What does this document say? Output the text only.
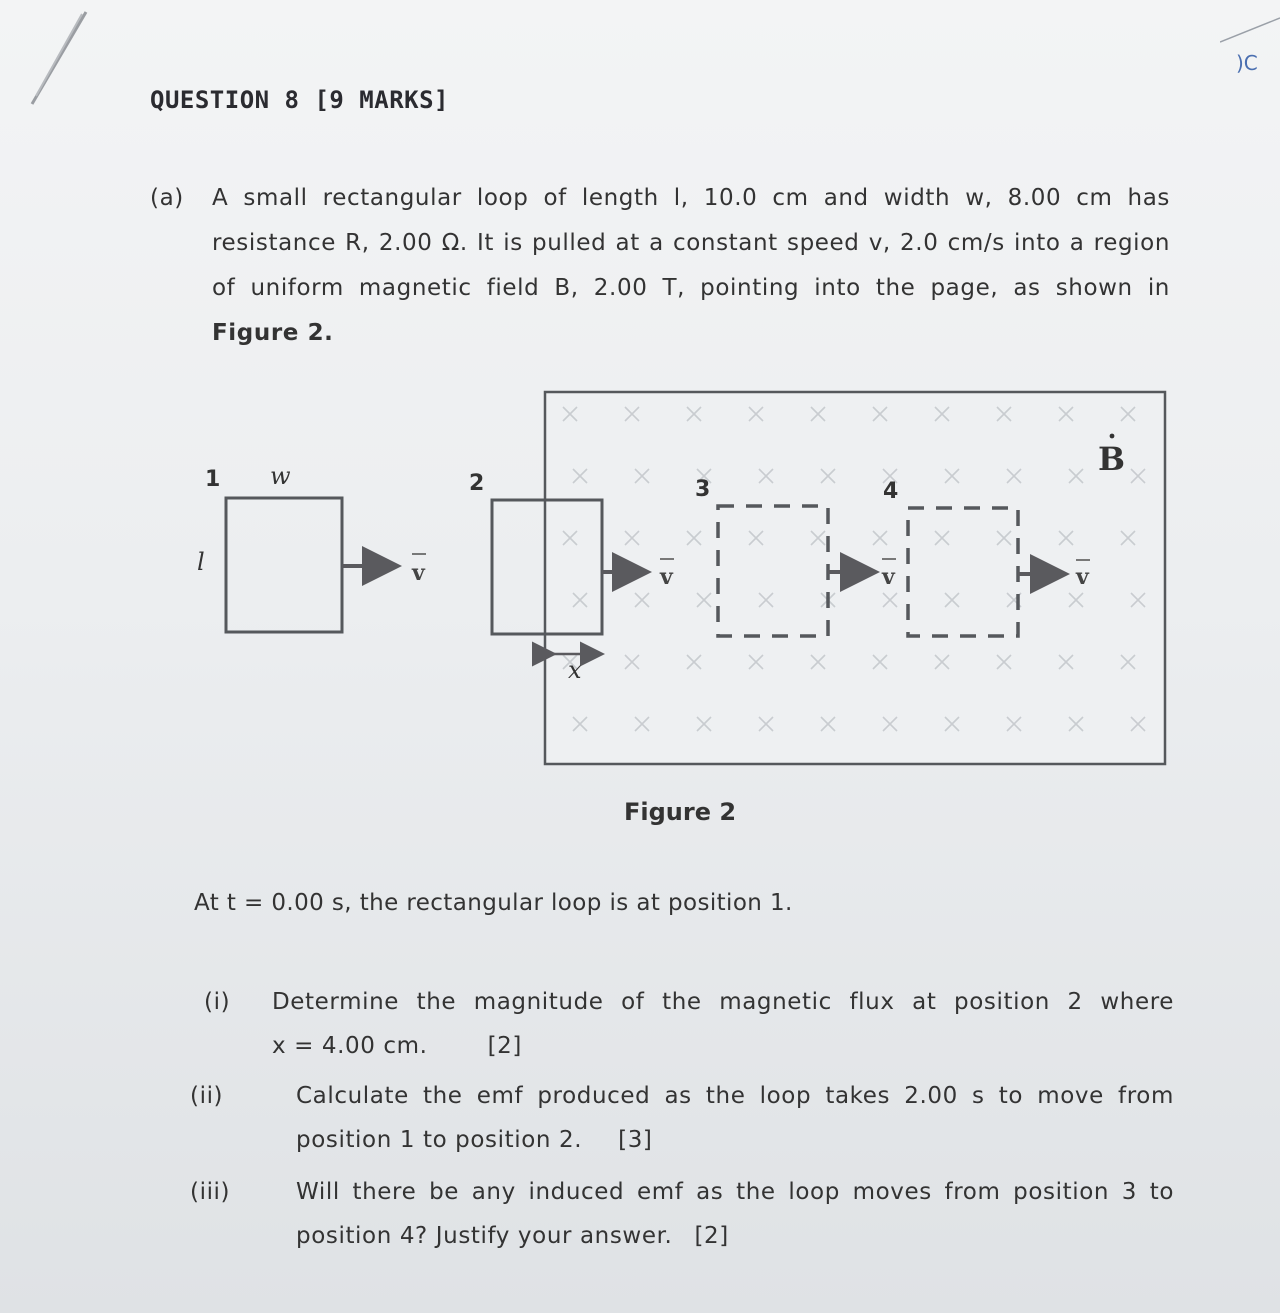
)C
QUESTION 8 [9 MARKS]
(a) A small rectangular loop of length l, 10.0 cm and width w, 8.00 cm has

resistance R, 2.00 Ω. It is pulled at a constant speed v, 2.0 cm/s into a region

of uniform magnetic field B, 2.00 T, pointing into the page, as shown in

Figure 2.

B
1 w
l	v
2
v
x
3
v
4
v
Figure 2
At t = 0.00 s, the rectangular loop is at position 1.
(i) Determine the magnitude of the magnetic flux at position 2 where

x = 4.00 cm.	[2]

(ii)	Calculate the emf produced as the loop takes 2.00 s to move from

position 1 to position 2. [3]

(iii)	Will there be any induced emf as the loop moves from position 3 to

position 4? Justify your answer. [2]
